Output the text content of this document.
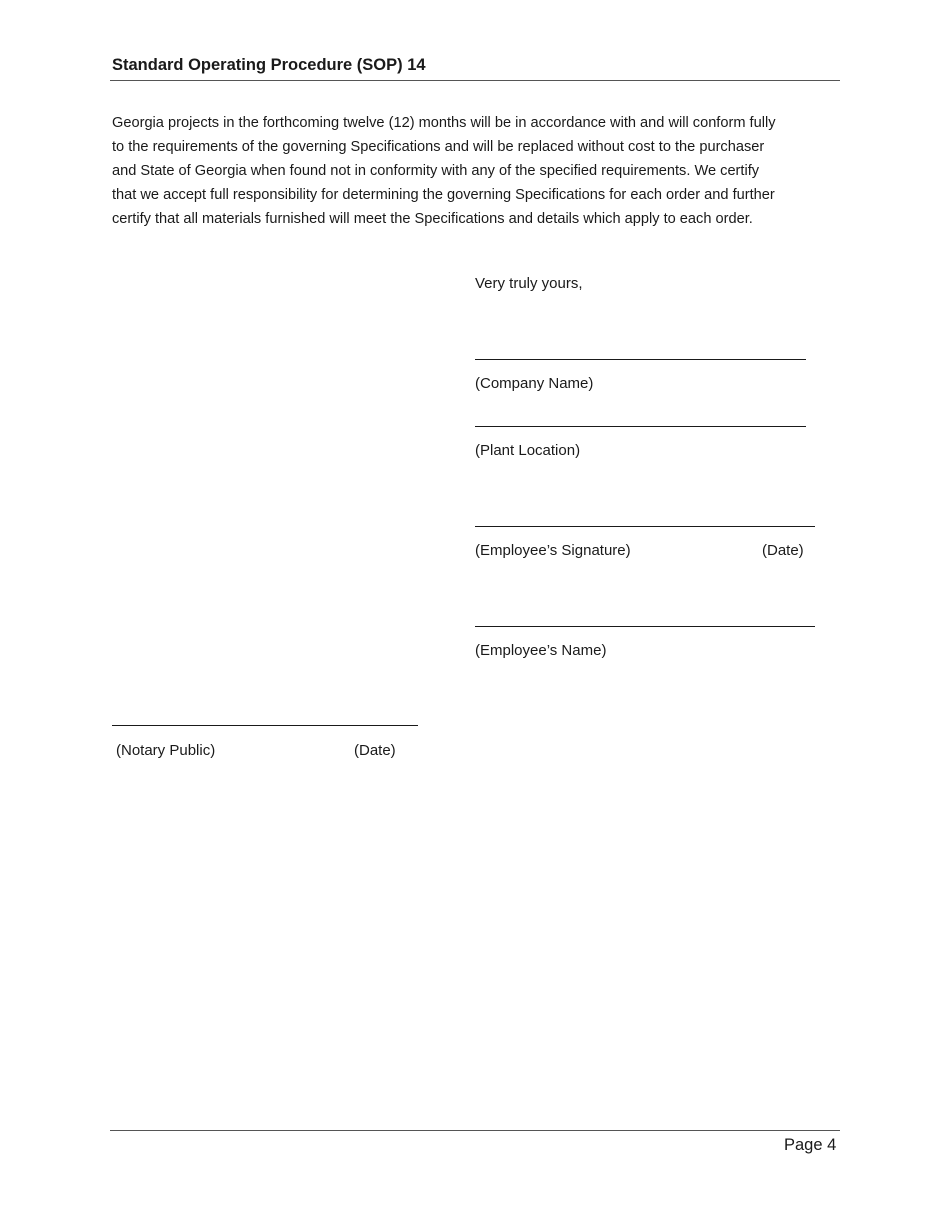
Standard Operating Procedure (SOP) 14
Georgia projects in the forthcoming twelve (12) months will be in accordance with and will conform fully
to the requirements of the governing Specifications and will be replaced without cost to the purchaser
and State of Georgia when found not in conformity with any of the specified requirements. We certify
that we accept full responsibility for determining the governing Specifications for each order and further
certify that all materials furnished will meet the Specifications and details which apply to each order.
Very truly yours,
(Company Name)
(Plant Location)
(Employee’s Signature)	(Date)
(Employee’s Name)
(Notary Public)	(Date)
Page 4
